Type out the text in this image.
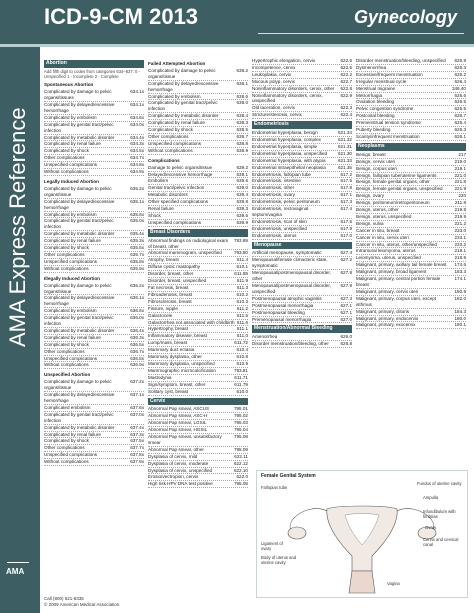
ICD-9-CM 2013	Gynecology
AMA Express Reference
AMA
Abortion
Add fifth digit to codes from categories 634–637: 0 - Unspecified 1 - Incomplete 2 - Complete
Spontaneous Abortion
Complicated by damage to pelvic organs/tissues
634.1x
Complicated by delayed/excessive hemorrhage
634.1x
Complicated by embolism	634.6x
Complicated by genital tract/pelvic infection
634.0x
Complicated by metabolic disorder	634.4x
Complicated by renal failure	634.3x
Complicated by shock	634.5x
Other complications	634.7x
Unspecified complications	634.8x
Without complications	634.9x
Legally Induced Abortion
Complicated by damage to pelvic organs/tissue
635.2x
Complicated by delayed/excessive hemorrhage
635.1x
Complicated by embolism	635.6x
Complicated by genital tract/pelvic infection
635.0x
Complicated by metabolic disorder	635.4x
Complicated by renal failure	635.3x
Complicated by shock	635.5x
Other complications	635.7x
Unspecified complications	635.8x
Without complications	635.9x
Illegally Induced Abortion
Complicated by damage to pelvic organs/tissue
636.2x
Complicated by delayed/excessive hemorrhage
636.1x
Complicated by embolism	636.6x
Complicated by genital tract/pelvic infection
636.0x
Complicated by metabolic disorder	636.4x
Complicated by renal failure	636.3x
Complicated by shock	636.5x
Other complications	636.7x
Unspecified complications	636.8x
Without complications	636.9x
Unspecified Abortion
Complicated by damage to pelvic organs/tissue
637.2x
Complicated by delayed/excessive hemorrhage
637.1x
Complicated embolism	637.6x
Complicated by genital tract/pelvic infection
637.0x
Complicated by metabolic disorder	637.4x
Complicated by renal failure	637.3x
Complicated by shock	637.5x
Other complications	637.7x
Unspecified complications	637.8x
Without complications	637.9x
Failed Attempted Abortion
Complicated by damage to pelvic organs/tissue
638.2
Complicated by delayed/excessive hemorrhage
638.1
Complicated by embolism	638.6
Complicated by genital tract/pelvic infection
638.0
Complicated by metabolic disorder	638.4
Complicated by renal failure	638.3
Complicated by shock	638.5
Other complications	638.7
Unspecified complications	638.8
Without complications	638.9
Complications
Damage to pelvic organs/tissue	639.2
Delayed/excessive hemorrhage	639.1
Embolism	639.6
Genital tract/pelvic infection	639.0
Metabolic disorders	639.4
Other specified complications	639.8
Renal failure	639.3
Shock	639.5
Unspecified complications	639.9
Breast Disorders
Abnormal findings on radiological exam of breast, other
793.89
Abnormal mammogram, unspecified	793.80
Atrophy, breast	611.4
Diffuse cystic mastopathy	610.1
Disorder, breast, other	611.89
Disorder, breast, unspecified	611.9
Fat necrosis, breast	611.3
Fibroadenosis, breast	610.2
Fibrosclerosis, breast	610.3
Fissure, nipple	611.2
Galactocele	611.5
Galactorrhea not associated with childbirth 611.6
Hypertrophy, breast	611.1
Inflammatory disease, breast	611.0
Lump/mass, breast	611.72
Mammary duct ectasia	610.4
Mammary dysplasia, other	610.8
Mammary dysplasia, unspecified	610.9
Mammographic microcalcification	793.81
Mastodynia	611.71
Sign/symptom, breast, other	611.79
Solitary cyst, breast	610.0
Cervix
Abnormal Pap smear, ASCUS	795.01
Abnormal Pap smear, ASC-H	795.02
Abnormal Pap smear, LGSIL	795.03
Abnormal Pap smear, HGSIL	795.04
Abnormal Pap smear, unsatisfactory smear
795.08
Abnormal Pap smear, other	795.09
Dysplasia of cervix, mild	622.11
Dysplasia of cervix, moderate	622.12
Dysplasia of cervix, unspecified	622.10
Erosion/ectropion, cervix	622.0
High risk HPV DNA test positive	795.05
Hypertrophic elongation, cervix	622.6
Incompetence, cervix	622.5
Leukoplakia, cervix	622.2
Mucous polyp, cervix	622.7
Noninflammatory disorders, cervix, other	622.8
Noninflammatory disorders, cervix, unspecified
622.9
Old laceration, cervix	622.3
Stricture/stenosis, cervix	622.4
Endometriosis
Endometrial hyperplasia, benign	621.34
Endometrial hyperplasia, complex	621.32
Endometrial hyperplasia, simple	621.31
Endometrial hyperplasia, unspecified	621.30
Endometrial hyperplasia, with atypia	621.33
Endometrial intraepithelial neoplasia	621.35
Endometriosis, fallopian tube	617.2
Endometriosis, intestine	617.5
Endometriosis, other	617.8
Endometriosis, ovary	617.1
Endometriosis, pelvic peritoneum	617.3
Endometriosis, rectovaginal septum/vagina
617.4
Endometriosis, scar of skin	617.6
Endometriosis, unspecified	617.9
Endometriosis, uterus	617.0
Menopause
Artificial menopause, symptomatic	627.4
Menopausal/female climacteric state, symptomatic
627.2
Menopausal/postmenopausal disorder, other
627.8
Menopausal/postmenopausal disorder, unspecified
627.9
Postmenopausal atrophic vaginitis	627.3
Postmenopausal menorrhagia	627.1
Postmenopausal bleeding	627.1
Premenopausal menorrhagia	627.0
Menstruation/Abnormal Bleeding
Amenorrhea	626.0
Disorder menstruation/bleeding, other	626.8
Disorder menstruation/bleeding, unspecified	626.9
Dysmenorrhea	625.3
Excessive/frequent menstruation	626.2
Irregular menstrual cycle	626.4
Menstrual migraine	346.40
Metrorrhagia	626.6
Ovulation bleeding	626.5
Pelvic congestion syndrome	625.5
Postcoital bleeding	626.7
Premenstrual tension syndrome	625.4
Puberty bleeding	626.3
Scanty/infrequent menstruation	626.1
Neoplasms
Benign, breast	217
Benign, cervix uteri	219.0
Benign, corpus uteri	219.1
Benign, fallopian tube/uterine ligaments	221.0
Benign, female genital organs, other	221.8
Benign, female genital organs, unspecified	221.9
Benign, ovary	220
Benign, peritoneum/retroperitoneum	211.8
Benign, uterus, other	219.8
Benign, uterus, unspecified	219.9
Benign, vulva	221.2
Cancer in situ, breast	233.0
Cancer in situ, cervix uteri	233.1
Cancer in situ, uterus, other/unspecified	233.2
Intramural leiomyoma, uterus	218.1
Leiomyoma, uterus, unspecified	218.9
Malignant, primary, axillary tail female breast	174.6
Malignant, primary, broad ligament	183.3
Malignant, primary, central portion female breast
174.1
Malignant, primary, cervix uteri	180.9
Malignant, primary, corpus uteri, except isthmus
182.0
Malignant, primary, clitoris	184.3
Malignant, primary, endocervix	180.0
Malignant, primary, exocervix	180.1
Female Genital System
Fallopian tube
Fundus of uterine cavity
Ampulla
Infundibulum with fimbriae
Ovary
Ligament of ovary
Body of uterus and uterine cavity
Cervix and cervical canal
Vagina
Call (800) 621-8335
© 2009 American Medical Association
